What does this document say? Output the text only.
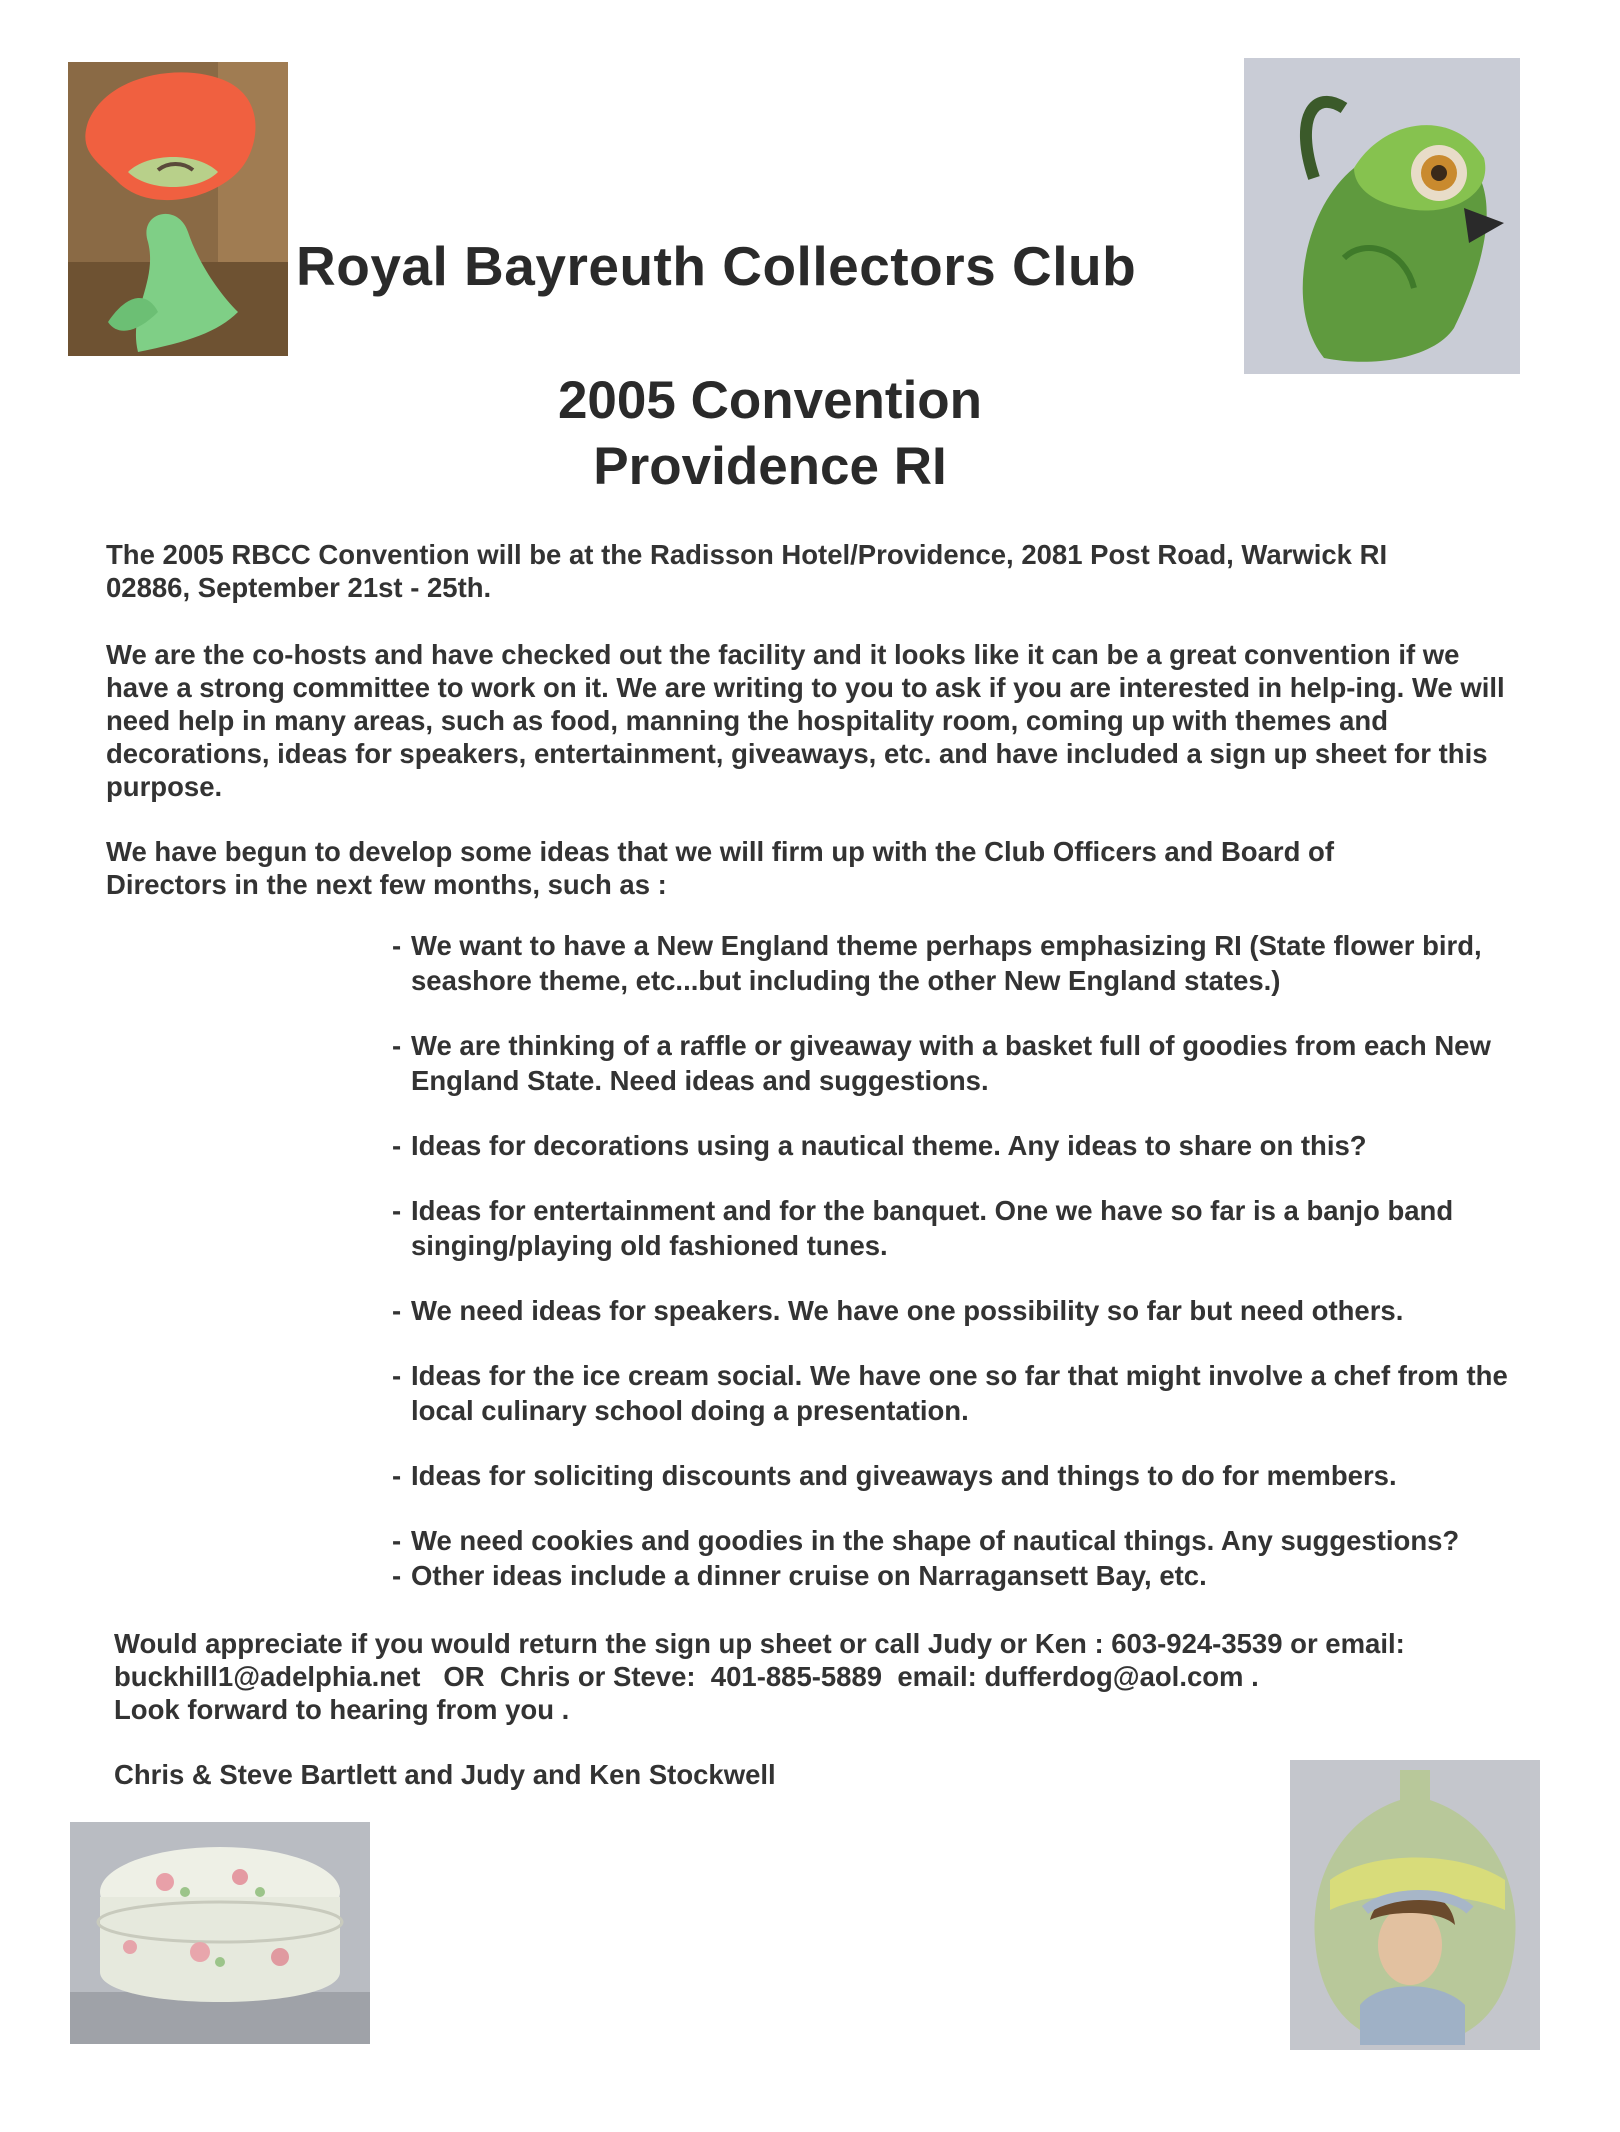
Royal Bayreuth Collectors Club
2005 Convention
Providence RI
The 2005 RBCC Convention will be at the Radisson Hotel/Providence, 2081 Post Road, Warwick RI 02886, September 21st - 25th.
We are the co-hosts and have checked out the facility and it looks like it can be a great convention if we have a strong committee to work on it. We are writing to you to ask if you are interested in help-ing. We will need help in many areas, such as food, manning the hospitality room, coming up with themes and decorations, ideas for speakers, entertainment, giveaways, etc. and have included a sign up sheet for this purpose.
We have begun to develop some ideas that we will firm up with the Club Officers and Board of Directors in the next few months, such as :
- We want to have a New England theme perhaps emphasizing RI (State flower bird, seashore theme, etc...but including the other New England states.)
- We are thinking of a raffle or giveaway with a basket full of goodies from each New England State. Need ideas and suggestions.
- Ideas for decorations using a nautical theme. Any ideas to share on this?
- Ideas for entertainment and for the banquet. One we have so far is a banjo band singing/playing old fashioned tunes.
- We need ideas for speakers. We have one possibility so far but need others.
- Ideas for the ice cream social. We have one so far that might involve a chef from the local culinary school doing a presentation.
- Ideas for soliciting discounts and giveaways and things to do for members.
- We need cookies and goodies in the shape of nautical things. Any suggestions?
- Other ideas include a dinner cruise on Narragansett Bay, etc.
Would appreciate if you would return the sign up sheet or call Judy or Ken : 603-924-3539 or email:
buckhill1@adelphia.net   OR  Chris or Steve:  401-885-5889  email: dufferdog@aol.com .
Look forward to hearing from you .
Chris & Steve Bartlett and Judy and Ken Stockwell
